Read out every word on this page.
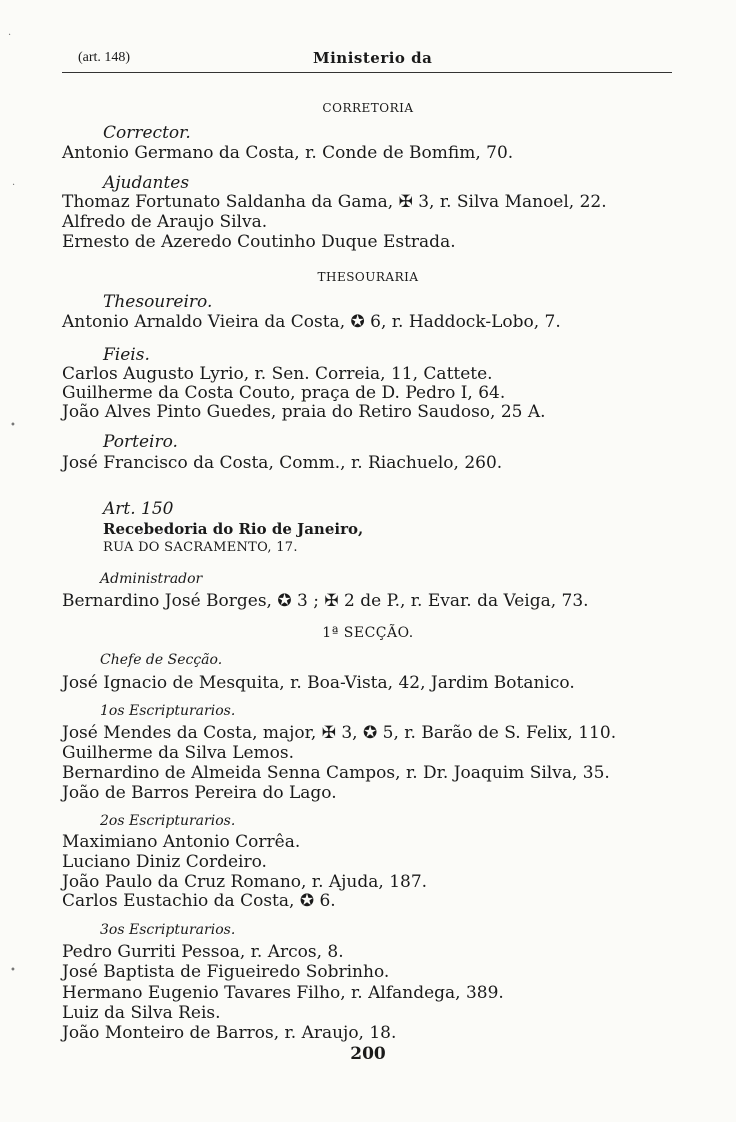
(art. 148)	Ministerio da
CORRETORIA
Corrector.
Antonio Germano da Costa, r. Conde de Bomfim, 70.
Ajudantes
Thomaz Fortunato Saldanha da Gama, ✠ 3, r. Silva Manoel, 22.
Alfredo de Araujo Silva.
Ernesto de Azeredo Coutinho Duque Estrada.
THESOURARIA
Thesoureiro.
Antonio Arnaldo Vieira da Costa, ✪ 6, r. Haddock-Lobo, 7.
Fieis.
Carlos Augusto Lyrio, r. Sen. Correia, 11, Cattete.
Guilherme da Costa Couto, praça de D. Pedro I, 64.
João Alves Pinto Guedes, praia do Retiro Saudoso, 25 A.
Porteiro.
José Francisco da Costa, Comm., r. Riachuelo, 260.
Art. 150
Recebedoria do Rio de Janeiro,
RUA DO SACRAMENTO, 17.
Administrador
Bernardino José Borges, ✪ 3 ; ✠ 2 de P., r. Evar. da Veiga, 73.
1ª SECÇÃO.
Chefe de Secção.
José Ignacio de Mesquita, r. Boa-Vista, 42, Jardim Botanico.
1os Escripturarios.
José Mendes da Costa, major, ✠ 3, ✪ 5, r. Barão de S. Felix, 110.
Guilherme da Silva Lemos.
Bernardino de Almeida Senna Campos, r. Dr. Joaquim Silva, 35.
João de Barros Pereira do Lago.
2os Escripturarios.
Maximiano Antonio Corrêa.
Luciano Diniz Cordeiro.
João Paulo da Cruz Romano, r. Ajuda, 187.
Carlos Eustachio da Costa, ✪ 6.
3os Escripturarios.
Pedro Gurriti Pessoa, r. Arcos, 8.
José Baptista de Figueiredo Sobrinho.
Hermano Eugenio Tavares Filho, r. Alfandega, 389.
Luiz da Silva Reis.
João Monteiro de Barros, r. Araujo, 18.
200
·
·
•
•
